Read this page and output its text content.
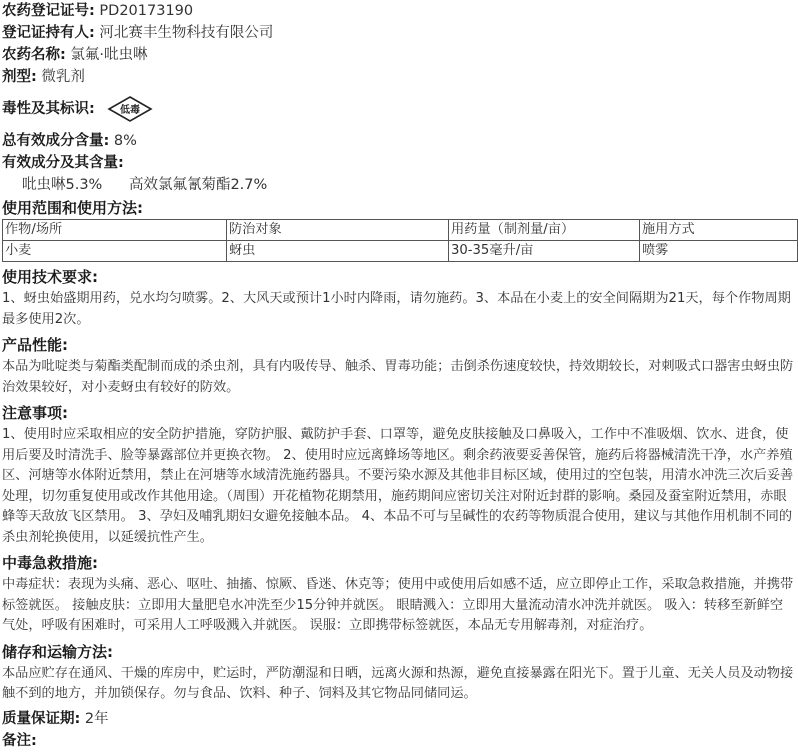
农药登记证号: PD20173190
登记证持有人: 河北赛丰生物科技有限公司
农药名称: 氯氟·吡虫啉
剂型: 微乳剂
毒性及其标识:	低毒
总有效成分含量: 8%
有效成分及其含量:
吡虫啉5.3% 高效氯氟氰菊酯2.7%
使用范围和使用方法:
作物/场所	防治对象	用药量（制剂量/亩）	施用方式
小麦	蚜虫	30-35毫升/亩	喷雾
使用技术要求:

1、蚜虫始盛期用药，兑水均匀喷雾。2、大风天或预计1小时内降雨，请勿施药。3、本品在小麦上的安全间隔期为21天，每个作物周期最多使用2次。

产品性能:

本品为吡啶类与菊酯类配制而成的杀虫剂，具有内吸传导、触杀、胃毒功能；击倒杀伤速度较快，持效期较长，对刺吸式口器害虫蚜虫防治效果较好，对小麦蚜虫有较好的防效。

注意事项:

1、使用时应采取相应的安全防护措施，穿防护服、戴防护手套、口罩等，避免皮肤接触及口鼻吸入，工作中不准吸烟、饮水、进食，使用后要及时清洗手、脸等暴露部位并更换衣物。 2、使用时应远离蜂场等地区。剩余药液要妥善保管，施药后将器械清洗干净，水产养殖区、河塘等水体附近禁用，禁止在河塘等水域清洗施药器具。不要污染水源及其他非目标区域，使用过的空包装，用清水冲洗三次后妥善处理，切勿重复使用或改作其他用途。（周围）开花植物花期禁用，施药期间应密切关注对附近封群的影响。桑园及蚕室附近禁用，赤眼蜂等天敌放飞区禁用。 3、孕妇及哺乳期妇女避免接触本品。 4、本品不可与呈碱性的农药等物质混合使用，建议与其他作用机制不同的杀虫剂轮换使用，以延缓抗性产生。

中毒急救措施:

中毒症状：表现为头痛、恶心、呕吐、抽搐、惊厥、昏迷、休克等；使用中或使用后如感不适，应立即停止工作，采取急救措施，并携带标签就医。 接触皮肤：立即用大量肥皂水冲洗至少15分钟并就医。 眼睛溅入：立即用大量流动清水冲洗并就医。 吸入：转移至新鲜空气处，呼吸有困难时，可采用人工呼吸溅入并就医。 误服：立即携带标签就医，本品无专用解毒剂，对症治疗。

储存和运输方法:

本品应贮存在通风、干燥的库房中，贮运时，严防潮湿和日晒，远离火源和热源，避免直接暴露在阳光下。置于儿童、无关人员及动物接触不到的地方，并加锁保存。勿与食品、饮料、种子、饲料及其它物品同储同运。

质量保证期: 2年
备注:
